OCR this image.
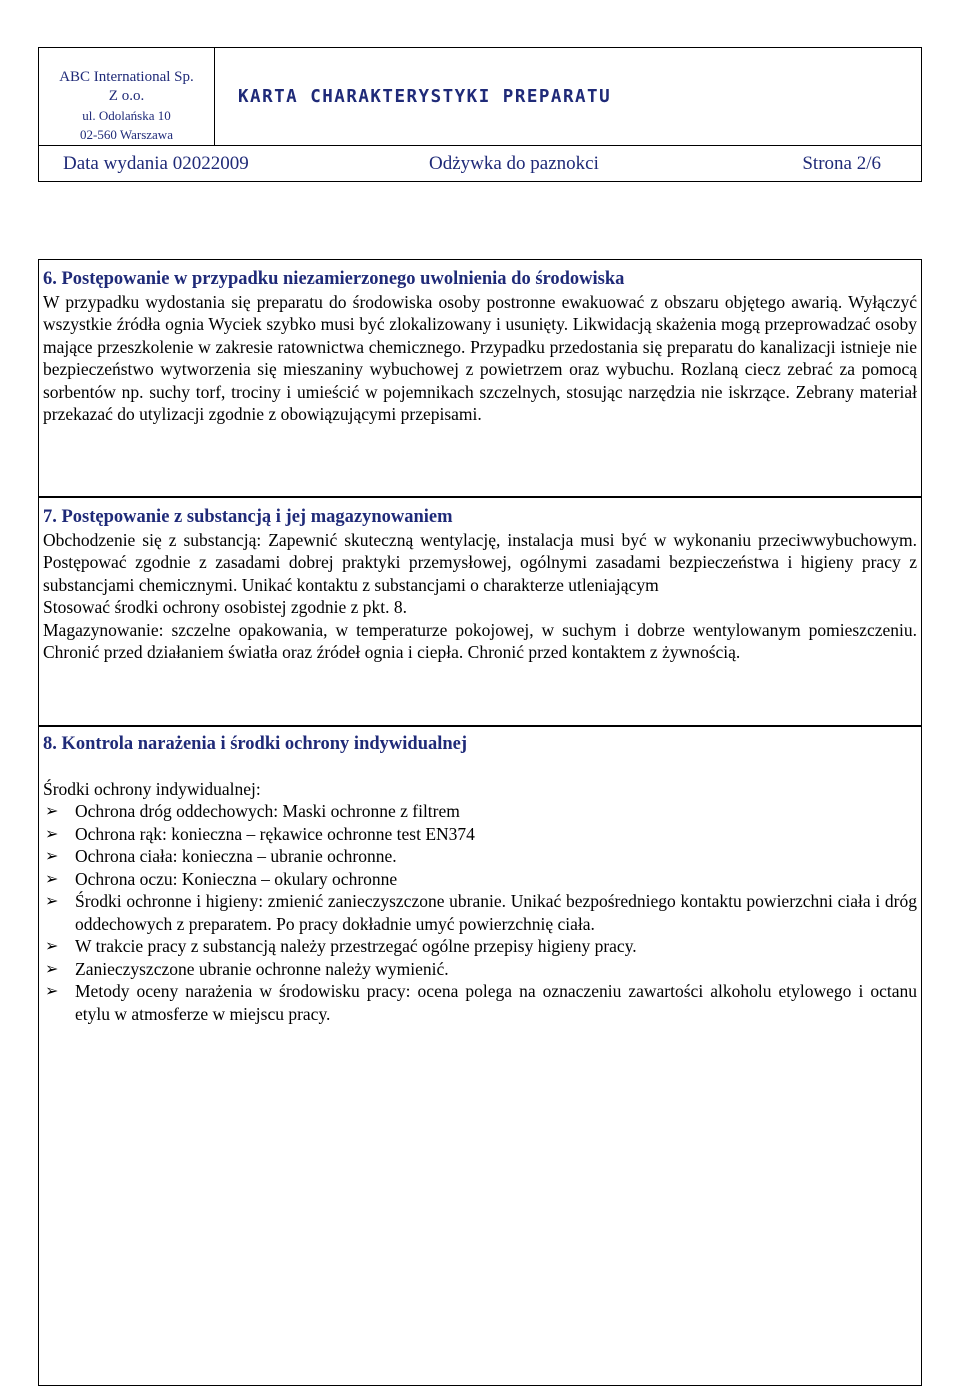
ABC International Sp.
Z o.o.
ul. Odolańska 10
02-560 Warszawa
KARTA CHARAKTERYSTYKI PREPARATU
Data wydania 02022009	Odżywka do paznokci	Strona 2/6
6. Postępowanie w przypadku niezamierzonego uwolnienia do środowiska

W przypadku wydostania się preparatu do środowiska osoby postronne ewakuować z obszaru objętego awarią. Wyłączyć wszystkie źródła ognia Wyciek szybko musi być zlokalizowany i usunięty. Likwidacją skażenia mogą przeprowadzać osoby mające przeszkolenie w zakresie ratownictwa chemicznego. Przypadku przedostania się preparatu do kanalizacji istnieje nie bezpieczeństwo wytworzenia się mieszaniny wybuchowej z powietrzem oraz wybuchu. Rozlaną ciecz zebrać za pomocą sorbentów np. suchy torf, trociny i umieścić w pojemnikach szczelnych, stosując narzędzia nie iskrzące. Zebrany materiał przekazać do utylizacji zgodnie z obowiązującymi przepisami.

7. Postępowanie z substancją i jej magazynowaniem

Obchodzenie się z substancją: Zapewnić skuteczną wentylację, instalacja musi być w wykonaniu przeciwwybuchowym. Postępować zgodnie z zasadami dobrej praktyki przemysłowej, ogólnymi zasadami bezpieczeństwa i higieny pracy z substancjami chemicznymi. Unikać kontaktu z substancjami o charakterze utleniającym

Stosować środki ochrony osobistej zgodnie z pkt. 8.

Magazynowanie: szczelne opakowania, w temperaturze pokojowej, w suchym i dobrze wentylowanym pomieszczeniu. Chronić przed działaniem światła oraz źródeł ognia i ciepła. Chronić przed kontaktem z żywnością.

8. Kontrola narażenia i środki ochrony indywidualnej
Środki ochrony indywidualnej:
➢ Ochrona dróg oddechowych: Maski ochronne z filtrem
➢ Ochrona rąk: konieczna – rękawice ochronne test EN374
➢ Ochrona ciała: konieczna – ubranie ochronne.
➢ Ochrona oczu: Konieczna – okulary ochronne
➢ Środki ochronne i higieny: zmienić zanieczyszczone ubranie. Unikać bezpośredniego kontaktu powierzchni ciała i dróg oddechowych z preparatem. Po pracy dokładnie umyć powierzchnię ciała.
➢ W trakcie pracy z substancją należy przestrzegać ogólne przepisy higieny pracy.
➢ Zanieczyszczone ubranie ochronne należy wymienić.
➢ Metody oceny narażenia w środowisku pracy: ocena polega na oznaczeniu zawartości alkoholu etylowego i octanu etylu w atmosferze w miejscu pracy.
